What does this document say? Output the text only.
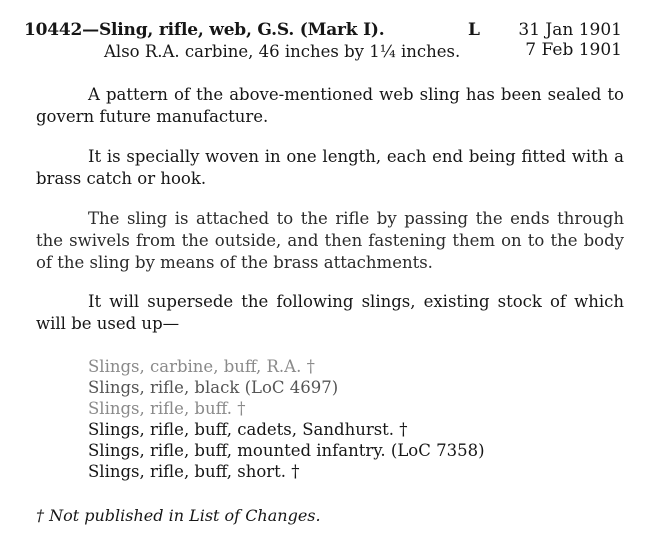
10442—Sling, rifle, web, G.S. (Mark I).	L 31 Jan 1901
Also R.A. carbine, 46 inches by 1¼ inches.	7 Feb 1901

A pattern of the above-mentioned web sling has been sealed to govern future manufacture.

It is specially woven in one length, each end being fitted with a brass catch or hook.

The sling is attached to the rifle by passing the ends through the swivels from the outside, and then fastening them on to the body of the sling by means of the brass attachments.

It will supersede the following slings, existing stock of which will be used up—

Slings, carbine, buff, R.A. †
Slings, rifle, black (LoC 4697)
Slings, rifle, buff. †
Slings, rifle, buff, cadets, Sandhurst. †
Slings, rifle, buff, mounted infantry. (LoC 7358)
Slings, rifle, buff, short. †
† Not published in List of Changes.
